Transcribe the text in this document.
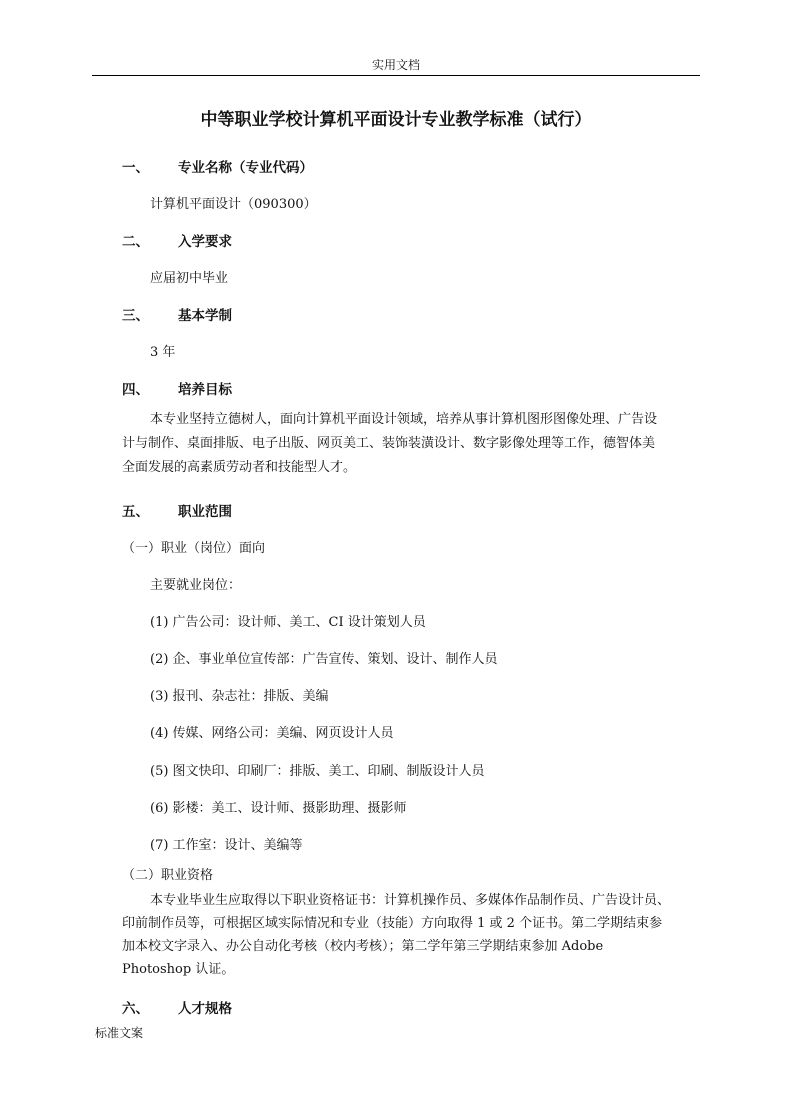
实用文档
中等职业学校计算机平面设计专业教学标准（试行）
一、 专业名称（专业代码）
计算机平面设计（090300）
二、 入学要求
应届初中毕业
三、 基本学制
3 年
四、 培养目标
本专业坚持立德树人，面向计算机平面设计领域，培养从事计算机图形图像处理、广告设
计与制作、桌面排版、电子出版、网页美工、装饰装潢设计、数字影像处理等工作，德智体美
全面发展的高素质劳动者和技能型人才。
五、 职业范围
（一）职业（岗位）面向
主要就业岗位：
(1) 广告公司：设计师、美工、CI 设计策划人员
(2) 企、事业单位宣传部：广告宣传、策划、设计、制作人员
(3) 报刊、杂志社：排版、美编
(4) 传媒、网络公司：美编、网页设计人员
(5) 图文快印、印刷厂：排版、美工、印刷、制版设计人员
(6) 影楼：美工、设计师、摄影助理、摄影师
(7) 工作室：设计、美编等
（二）职业资格
本专业毕业生应取得以下职业资格证书：计算机操作员、多媒体作品制作员、广告设计员、
印前制作员等，可根据区域实际情况和专业（技能）方向取得 1 或 2 个证书。第二学期结束参
加本校文字录入、办公自动化考核（校内考核）；第二学年第三学期结束参加 Adobe
Photoshop 认证。
六、 人才规格
标准文案
